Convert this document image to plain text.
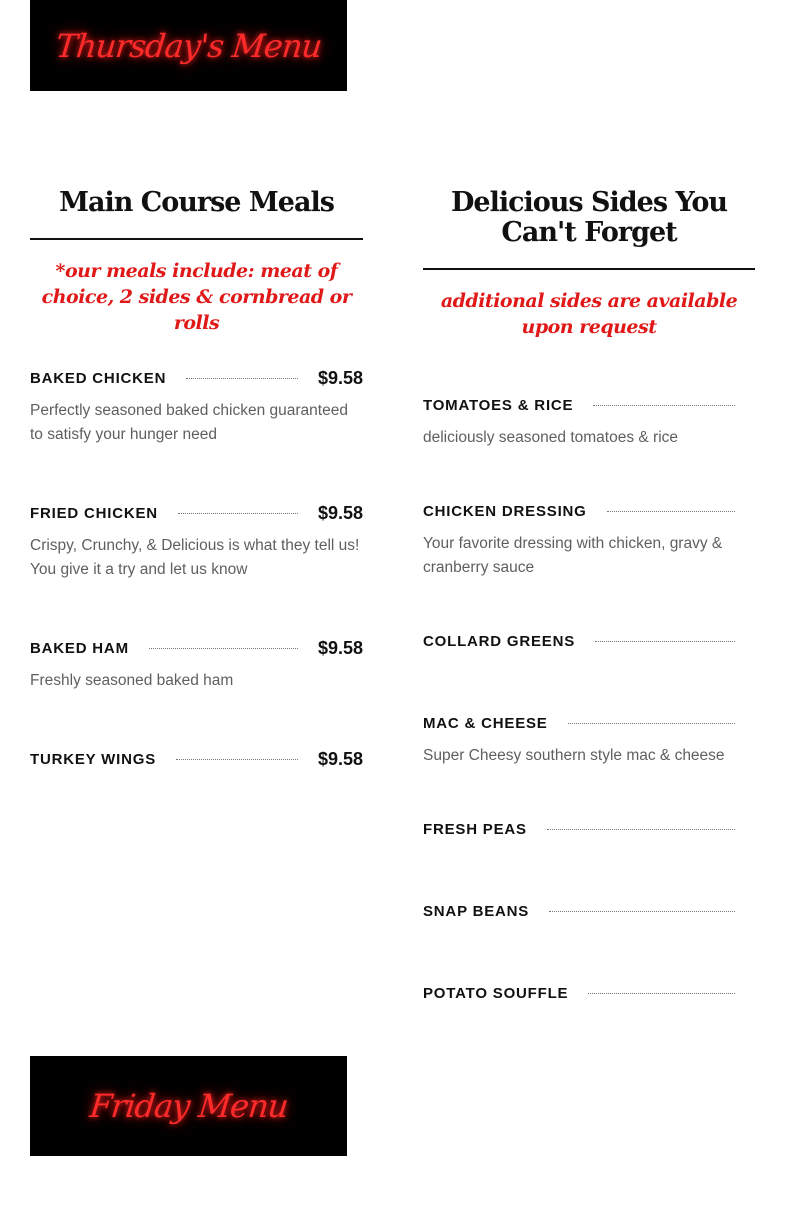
Thursday's Menu
Main Course Meals
*our meals include: meat of choice, 2 sides & cornbread or rolls
BAKED CHICKEN	$9.58
Perfectly seasoned baked chicken guaranteed to satisfy your hunger need
FRIED CHICKEN	$9.58
Crispy, Crunchy, & Delicious is what they tell us! You give it a try and let us know
BAKED HAM	$9.58
Freshly seasoned baked ham
TURKEY WINGS	$9.58
Delicious Sides You Can't Forget
additional sides are available upon request
TOMATOES & RICE
deliciously seasoned tomatoes & rice
CHICKEN DRESSING
Your favorite dressing with chicken, gravy & cranberry sauce
COLLARD GREENS
MAC & CHEESE
Super Cheesy southern style mac & cheese
FRESH PEAS
SNAP BEANS
POTATO SOUFFLE
Friday Menu
